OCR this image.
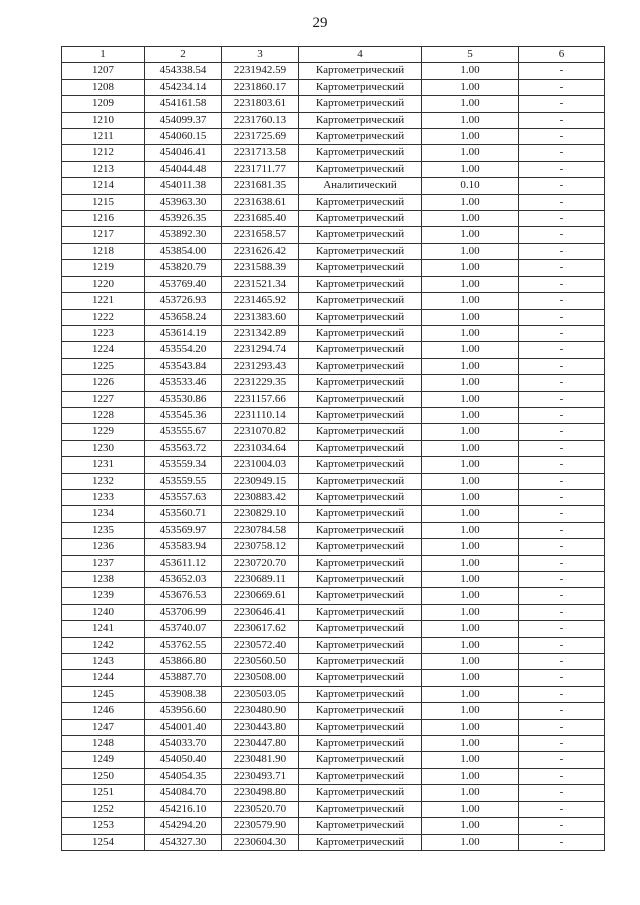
29
1	2	3	4	5	6
1207	454338.54	2231942.59	Картометрический	1.00	-
1208	454234.14	2231860.17	Картометрический	1.00	-
1209	454161.58	2231803.61	Картометрический	1.00	-
1210	454099.37	2231760.13	Картометрический	1.00	-
1211	454060.15	2231725.69	Картометрический	1.00	-
1212	454046.41	2231713.58	Картометрический	1.00	-
1213	454044.48	2231711.77	Картометрический	1.00	-
1214	454011.38	2231681.35	Аналитический	0.10	-
1215	453963.30	2231638.61	Картометрический	1.00	-
1216	453926.35	2231685.40	Картометрический	1.00	-
1217	453892.30	2231658.57	Картометрический	1.00	-
1218	453854.00	2231626.42	Картометрический	1.00	-
1219	453820.79	2231588.39	Картометрический	1.00	-
1220	453769.40	2231521.34	Картометрический	1.00	-
1221	453726.93	2231465.92	Картометрический	1.00	-
1222	453658.24	2231383.60	Картометрический	1.00	-
1223	453614.19	2231342.89	Картометрический	1.00	-
1224	453554.20	2231294.74	Картометрический	1.00	-
1225	453543.84	2231293.43	Картометрический	1.00	-
1226	453533.46	2231229.35	Картометрический	1.00	-
1227	453530.86	2231157.66	Картометрический	1.00	-
1228	453545.36	2231110.14	Картометрический	1.00	-
1229	453555.67	2231070.82	Картометрический	1.00	-
1230	453563.72	2231034.64	Картометрический	1.00	-
1231	453559.34	2231004.03	Картометрический	1.00	-
1232	453559.55	2230949.15	Картометрический	1.00	-
1233	453557.63	2230883.42	Картометрический	1.00	-
1234	453560.71	2230829.10	Картометрический	1.00	-
1235	453569.97	2230784.58	Картометрический	1.00	-
1236	453583.94	2230758.12	Картометрический	1.00	-
1237	453611.12	2230720.70	Картометрический	1.00	-
1238	453652.03	2230689.11	Картометрический	1.00	-
1239	453676.53	2230669.61	Картометрический	1.00	-
1240	453706.99	2230646.41	Картометрический	1.00	-
1241	453740.07	2230617.62	Картометрический	1.00	-
1242	453762.55	2230572.40	Картометрический	1.00	-
1243	453866.80	2230560.50	Картометрический	1.00	-
1244	453887.70	2230508.00	Картометрический	1.00	-
1245	453908.38	2230503.05	Картометрический	1.00	-
1246	453956.60	2230480.90	Картометрический	1.00	-
1247	454001.40	2230443.80	Картометрический	1.00	-
1248	454033.70	2230447.80	Картометрический	1.00	-
1249	454050.40	2230481.90	Картометрический	1.00	-
1250	454054.35	2230493.71	Картометрический	1.00	-
1251	454084.70	2230498.80	Картометрический	1.00	-
1252	454216.10	2230520.70	Картометрический	1.00	-
1253	454294.20	2230579.90	Картометрический	1.00	-
1254	454327.30	2230604.30	Картометрический	1.00	-
